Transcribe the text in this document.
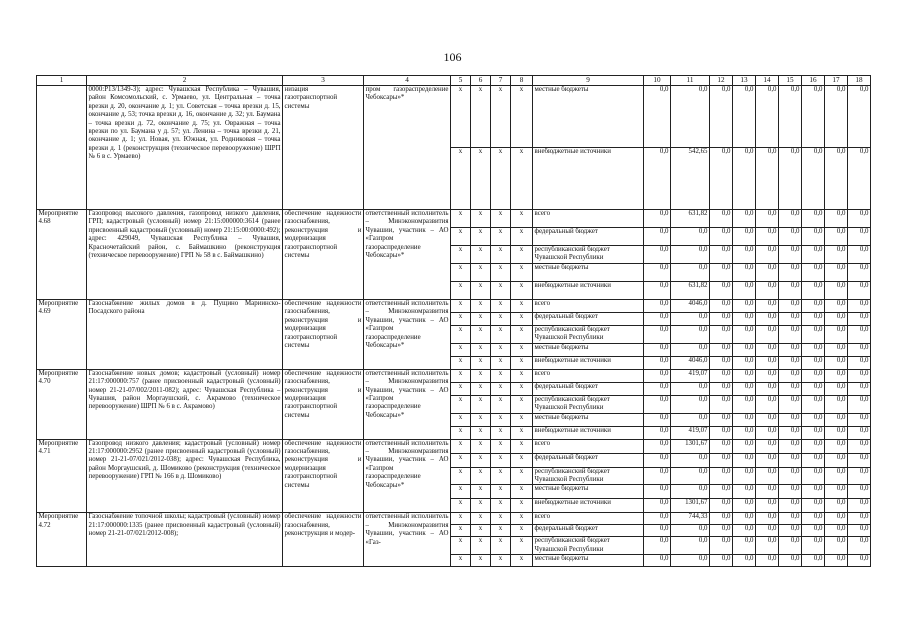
106
1	2	3	4	5	6	7	8	9	10	11	12	13	14	15	16	17	18
	0000:Р13/1349-3); адрес: Чувашская Республика – Чувашия, район Комсомольский, с. Урмаево, ул. Центральная – точка врезки д. 20, окончание д. 1; ул. Советская – точка врезки д. 15, окончание д. 53; точка врезки д. 16, окончание д. 32; ул. Баумана – точка врезки д. 72, окончание д. 75; ул. Овражная – точка врезки по ул. Баумана у д. 57; ул. Ленина – точка врезки д. 21, окончание д. 1; ул. Новая, ул. Южная, ул. Родниковая – точка врезки д. 1 (реконструкция (техническое перевооружение) ШРП № 6 в с. Урмаево)	низация газотранспортной системы	пром газораспределение Чебоксары»*	х	х	х	х	местные бюджеты	0,0	0,0	0,0	0,0	0,0	0,0	0,0	0,0	0,0
				х	х	х	х	внебюджетные источники	0,0	542,65	0,0	0,0	0,0	0,0	0,0	0,0	0,0
Мероприятие 4.68	Газопровод высокого давления, газопровод низкого давления, ГРП; кадастровый (условный) номер 21:15:000000:3614 (ранее присвоенный кадастровый (условный) номер 21:15:00:0000:492); адрес: 429049, Чувашская Республика – Чувашия, Красночетайский район, с. Баймашкино (реконструкция (техническое перевооружение) ГРП № 58 в с. Баймашкино)	обеспечение надежности газоснабжения, реконструкция и модернизация газотранспортной системы	ответственный исполнитель – Минэкономразвития Чувашии, участник – АО «Газпром газораспределение Чебоксары»*	х	х	х	х	всего	0,0	631,82	0,0	0,0	0,0	0,0	0,0	0,0	0,0
				х	х	х	х	федеральный бюджет	0,0	0,0	0,0	0,0	0,0	0,0	0,0	0,0	0,0
				х	х	х	х	республиканский бюджет Чувашской Республики	0,0	0,0	0,0	0,0	0,0	0,0	0,0	0,0	0,0
				х	х	х	х	местные бюджеты	0,0	0,0	0,0	0,0	0,0	0,0	0,0	0,0	0,0
				х	х	х	х	внебюджетные источники	0,0	631,82	0,0	0,0	0,0	0,0	0,0	0,0	0,0
Мероприятие 4.69	Газоснабжение жилых домов в д. Пущино Мариинско-Посадского района	обеспечение надежности газоснабжения, реконструкция и модернизация газотранспортной системы	ответственный исполнитель – Минэкономразвития Чувашии, участник – АО «Газпром газораспределение Чебоксары»*	х	х	х	х	всего	0,0	4046,0	0,0	0,0	0,0	0,0	0,0	0,0	0,0
				х	х	х	х	федеральный бюджет	0,0	0,0	0,0	0,0	0,0	0,0	0,0	0,0	0,0
				х	х	х	х	республиканский бюджет Чувашской Республики	0,0	0,0	0,0	0,0	0,0	0,0	0,0	0,0	0,0
				х	х	х	х	местные бюджеты	0,0	0,0	0,0	0,0	0,0	0,0	0,0	0,0	0,0
				х	х	х	х	внебюджетные источники	0,0	4046,0	0,0	0,0	0,0	0,0	0,0	0,0	0,0
Мероприятие 4.70	Газоснабжение новых домов; кадастровый (условный) номер 21:17:000000:757 (ранее присвоенный кадастровый (условный) номер 21-21-07/002/2011-082); адрес: Чувашская Республика – Чувашия, район Моргаушский, с. Акрамово (техническое перевооружение) ШРП № 6 в с. Акрамово)	обеспечение надежности газоснабжения, реконструкция и модернизация газотранспортной системы	ответственный исполнитель – Минэкономразвития Чувашии, участник – АО «Газпром газораспределение Чебоксары»*	х	х	х	х	всего	0,0	419,07	0,0	0,0	0,0	0,0	0,0	0,0	0,0
				х	х	х	х	федеральный бюджет	0,0	0,0	0,0	0,0	0,0	0,0	0,0	0,0	0,0
				х	х	х	х	республиканский бюджет Чувашской Республики	0,0	0,0	0,0	0,0	0,0	0,0	0,0	0,0	0,0
				х	х	х	х	местные бюджеты	0,0	0,0	0,0	0,0	0,0	0,0	0,0	0,0	0,0
				х	х	х	х	внебюджетные источники	0,0	419,07	0,0	0,0	0,0	0,0	0,0	0,0	0,0
Мероприятие 4.71	Газопровод низкого давления; кадастровый (условный) номер 21:17:000000:2952 (ранее присвоенный кадастровый (условный) номер 21-21-07/021/2012-038); адрес: Чувашская Республика, район Моргаушский, д. Шомиково (реконструкция (техническое перевооружение) ГРП № 166 в д. Шомиково)	обеспечение надежности газоснабжения, реконструкция и модернизация газотранспортной системы	ответственный исполнитель – Минэкономразвития Чувашии, участник – АО «Газпром газораспределение Чебоксары»*	х	х	х	х	всего	0,0	1301,67	0,0	0,0	0,0	0,0	0,0	0,0	0,0
				х	х	х	х	федеральный бюджет	0,0	0,0	0,0	0,0	0,0	0,0	0,0	0,0	0,0
				х	х	х	х	республиканский бюджет Чувашской Республики	0,0	0,0	0,0	0,0	0,0	0,0	0,0	0,0	0,0
				х	х	х	х	местные бюджеты	0,0	0,0	0,0	0,0	0,0	0,0	0,0	0,0	0,0
				х	х	х	х	внебюджетные источники	0,0	1301,67	0,0	0,0	0,0	0,0	0,0	0,0	0,0
Мероприятие 4.72	Газоснабжение топочной школы; кадастровый (условный) номер 21:17:000000:1335 (ранее присвоенный кадастровый (условный) номер 21-21-07/021/2012-008);	обеспечение надежности газоснабжения, реконструкция и модер-	ответственный исполнитель – Минэкономразвития Чувашии, участник – АО «Газ-	х	х	х	х	всего	0,0	744,33	0,0	0,0	0,0	0,0	0,0	0,0	0,0
				х	х	х	х	федеральный бюджет	0,0	0,0	0,0	0,0	0,0	0,0	0,0	0,0	0,0
				х	х	х	х	республиканский бюджет Чувашской Республики	0,0	0,0	0,0	0,0	0,0	0,0	0,0	0,0	0,0
				х	х	х	х	местные бюджеты	0,0	0,0	0,0	0,0	0,0	0,0	0,0	0,0	0,0
